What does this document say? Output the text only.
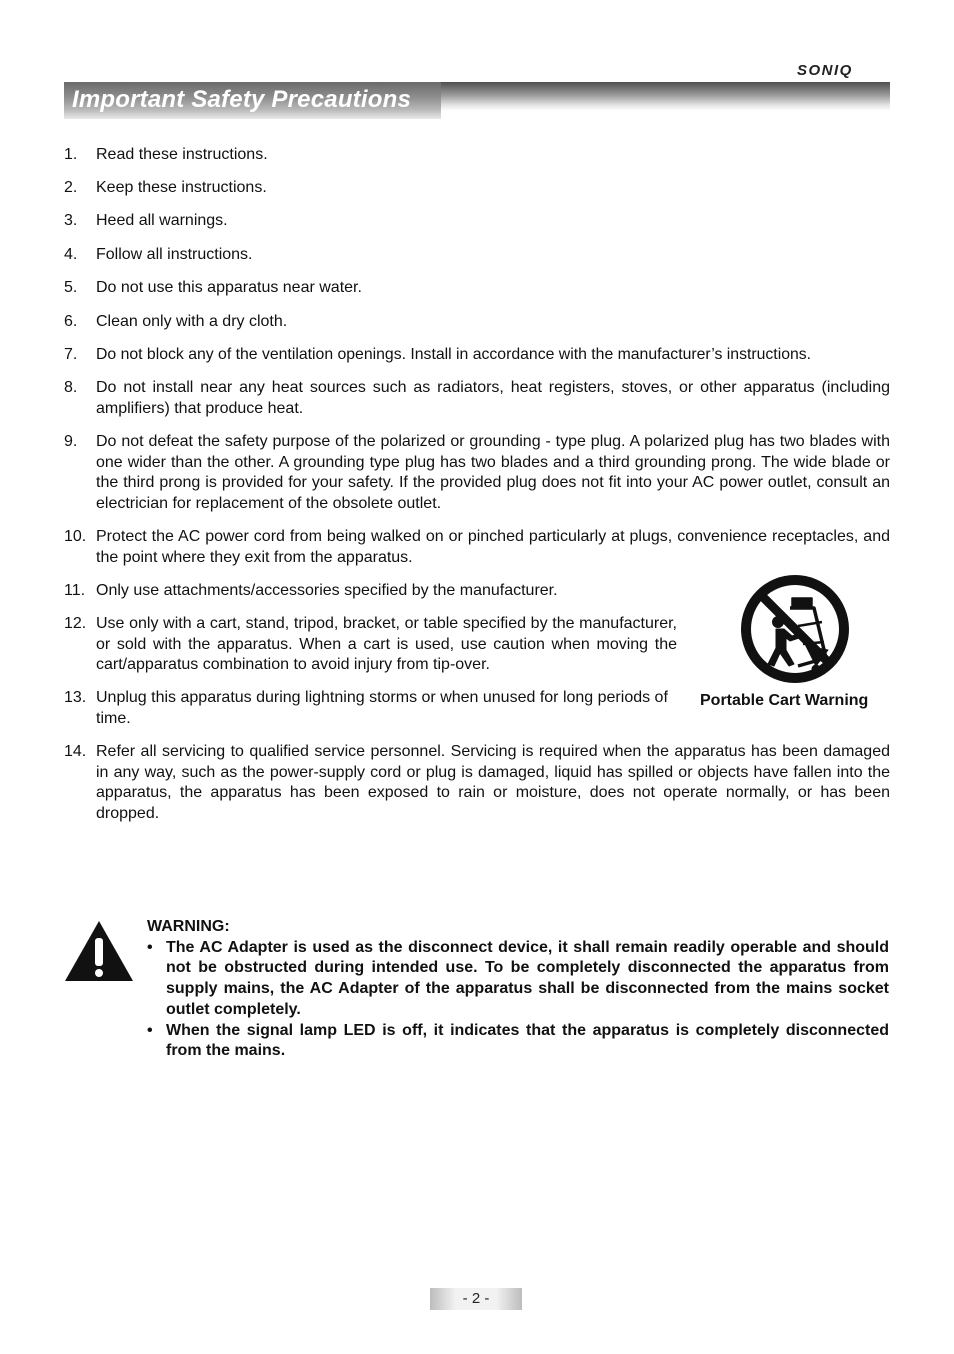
SONIQ
Important Safety Precautions
1. Read these instructions.
2. Keep these instructions.
3. Heed all warnings.
4. Follow all instructions.
5. Do not use this apparatus near water.
6. Clean only with a dry cloth.
7. Do not block any of the ventilation openings. Install in accordance with the manufacturer’s instructions.
8. Do not install near any heat sources such as radiators, heat registers, stoves, or other apparatus (including amplifiers) that produce heat.
9. Do not defeat the safety purpose of the polarized or grounding - type plug. A polarized plug has two blades with one wider than the other. A grounding type plug has two blades and a third grounding prong. The wide blade or the third prong is provided for your safety. If the provided plug does not fit into your AC power outlet, consult an electrician for replacement of the obsolete outlet.
10. Protect the AC power cord from being walked on or pinched particularly at plugs, convenience receptacles, and the point where they exit from the apparatus.
11. Only use attachments/accessories specified by the manufacturer.
12. Use only with a cart, stand, tripod, bracket, or table specified by the manufacturer, or sold with the apparatus. When a cart is used, use caution when moving the cart/apparatus combination to avoid injury from tip-over.
13. Unplug this apparatus during lightning storms or when unused for long periods of time.
14. Refer all servicing to qualified service personnel. Servicing is required when the apparatus has been damaged in any way, such as the power-supply cord or plug is damaged, liquid has spilled or objects have fallen into the apparatus, the apparatus has been exposed to rain or moisture, does not operate normally, or has been dropped.
Portable Cart Warning
WARNING:
• The AC Adapter is used as the disconnect device, it shall remain readily operable and should not be obstructed during intended use. To be completely disconnected the apparatus from supply mains, the AC Adapter of the apparatus shall be disconnected from the mains socket outlet completely.
• When the signal lamp LED is off, it indicates that the apparatus is completely disconnected from the mains.
- 2 -
